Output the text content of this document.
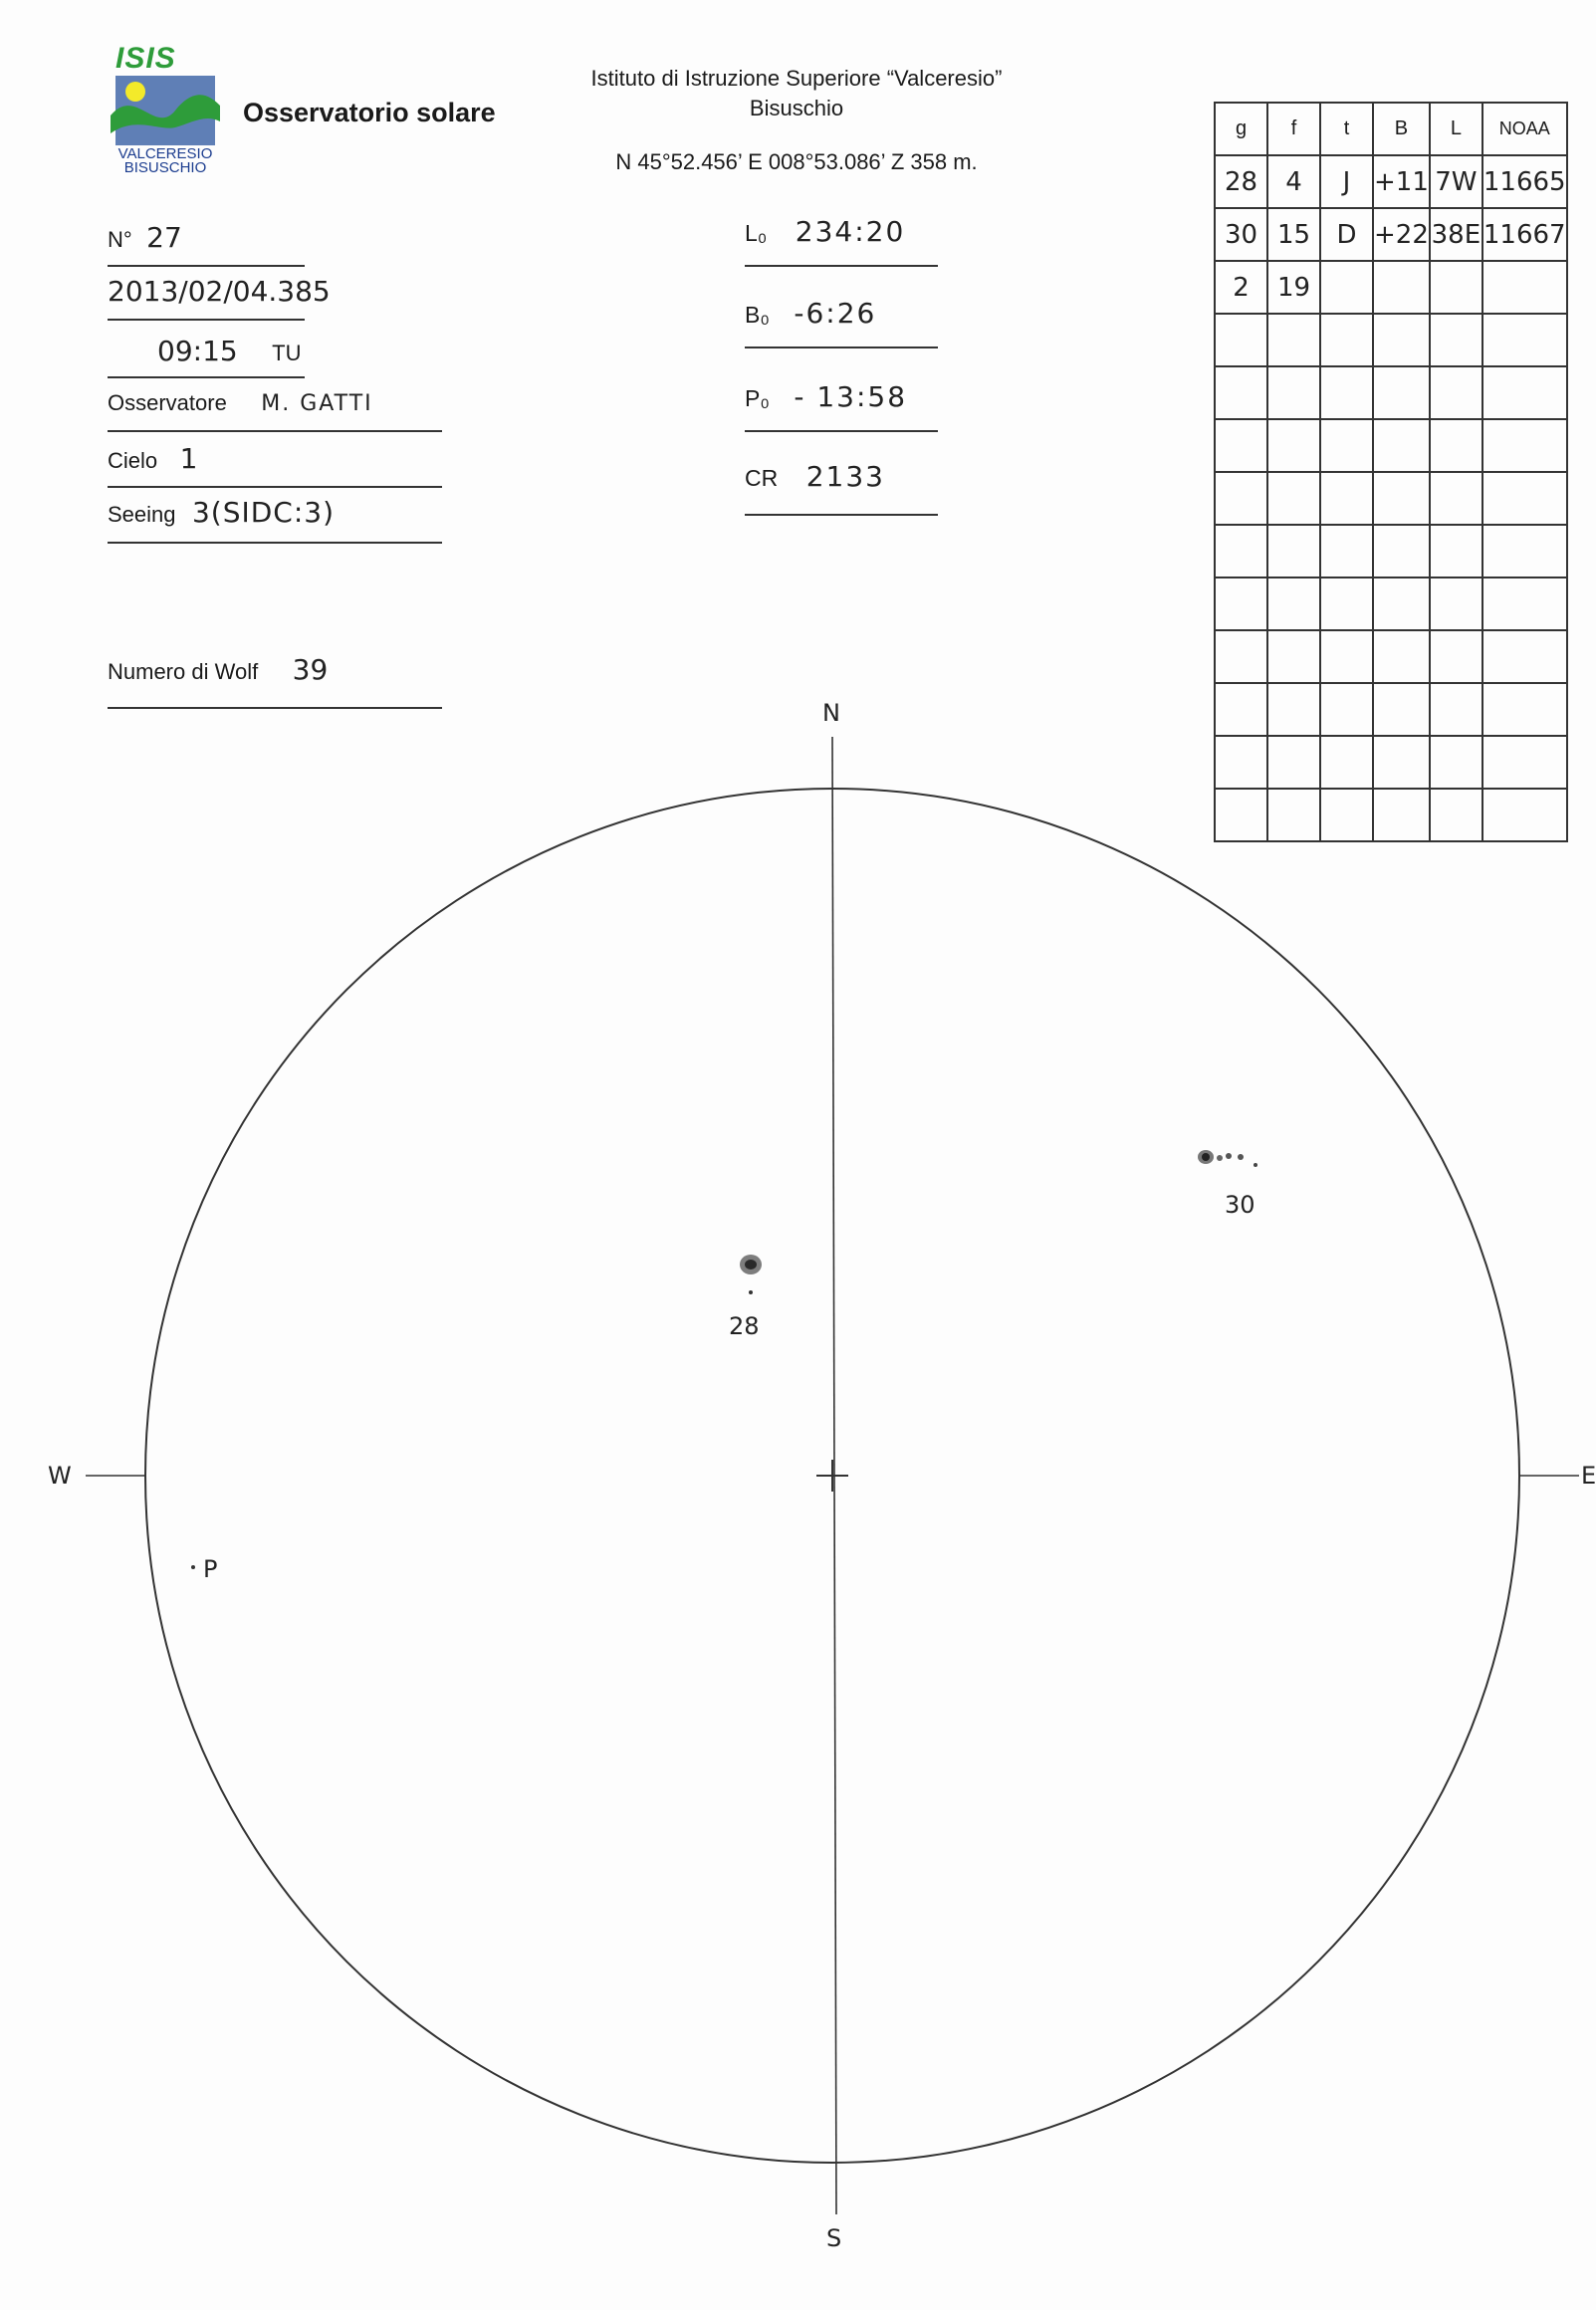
ISIS
VALCERESIO
BISUSCHIO
Osservatorio solare
Istituto di Istruzione Superiore “Valceresio”
Bisuschio
N 45°52.456’ E 008°53.086’ Z 358 m.
N° 27
2013/02/04.385
09:15 TU
Osservatore M. GATTI
Cielo 1
Seeing 3(SIDC:3)
Numero di Wolf 39
L₀ 234:20
B₀ -6:26
P₀ - 13:58
CR 2133
g	f	t	B	L	NOAA
28	4	J	+11	7W	11665
30	15	D	+22	38E	11667
2	19				

N
S
W	E
28
30
P
